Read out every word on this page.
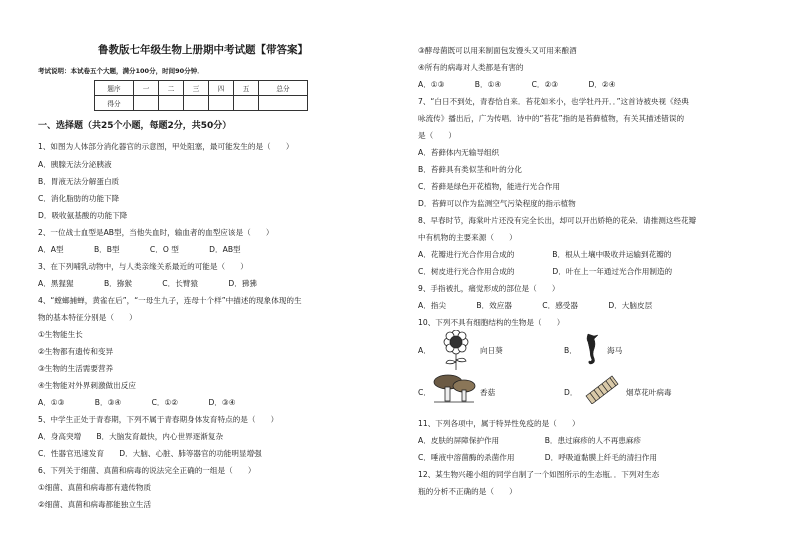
鲁教版七年级生物上册期中考试题【带答案】
考试说明：本试卷五个大题，满分100分，时间90分钟．
题序	一	二	三	四	五	总分
得分						
一、选择题（共25个小题，每题2分，共50分）
1、如图为人体部分消化器官的示意图，甲处阻塞，最可能发生的是（　　）
A．胰腺无法分泌胰液
B．胃液无法分解蛋白质
C．消化脂肪的功能下降
D．吸收氨基酸的功能下降
2、一位战士血型是AB型，当他失血时，输血者的血型应该是（　　）
A．A型　　　　B．B型　　　　C．O 型　　　　D．AB型
3、在下列哺乳动物中，与人类亲缘关系最近的可能是（　　）
A．黑猩猩　　　　B．猕猴　　　　C．长臂猿　　　　D．狒狒
4、“螳螂捕蝉，黄雀在后”，“一母生九子，连母十个样”中描述的现象体现的生
物的基本特征分别是（　　）
①生物能生长
②生物都有遗传和变异
③生物的生活需要营养
④生物能对外界刺激做出反应
A．①③　　　　B．③④　　　　C．①②　　　　D．③④
5、中学生正处于青春期，下列不属于青春期身体发育特点的是（　　）
A．身高突增　　B．大脑发育最快，内心世界逐渐复杂
C．性器官迅速发育　　D．大脑、心脏、肺等器官的功能明显增强
6、下列关于细菌、真菌和病毒的说法完全正确的一组是（　　）
①细菌、真菌和病毒都有遗传物质
②细菌、真菌和病毒都能独立生活
③酵母菌既可以用来制面包发馒头又可用来酿酒
④所有的病毒对人类都是有害的
A．①③　　　　B．①④　　　　C．②③　　　　D．②④
7、“白日不到处，青春恰自来．苔花如米小，也学牡丹开．．”这首诗被央视《经典
咏流传》播出后，广为传唱．诗中的“苔花”指的是苔藓植物，有关其描述错误的
是（　　）
A．苔藓体内无输导组织
B．苔藓具有类似茎和叶的分化
C．苔藓是绿色开花植物，能进行光合作用
D．苔藓可以作为监测空气污染程度的指示植物
8、早春时节，海棠叶片还没有完全长出，却可以开出娇艳的花朵．请推测这些花瓣
中有机物的主要来源（　　）
A．花瓣进行光合作用合成的　　　　　B．根从土壤中吸收并运输到花瓣的
C．树皮进行光合作用合成的　　　　　D．叶在上一年通过光合作用制造的
9、手指被扎，痛觉形成的部位是（　　）
A．指尖　　　　B．效应器　　　　C．感受器　　　　D．大脑皮层
10、下列不具有细胞结构的生物是（　　）
A．	向日葵	B．	海马
C．	香菇	D．	烟草花叶病毒
11、下列各项中，属于特异性免疫的是（　　）
A．皮肤的屏障保护作用　　　　　　B．患过麻疹的人不再患麻疹
C．唾液中溶菌酶的杀菌作用　　　　D．呼吸道黏膜上纤毛的清扫作用
12、某生物兴趣小组的同学自制了一个如图所示的生态瓶．．下列对生态
瓶的分析不正确的是（　　）
